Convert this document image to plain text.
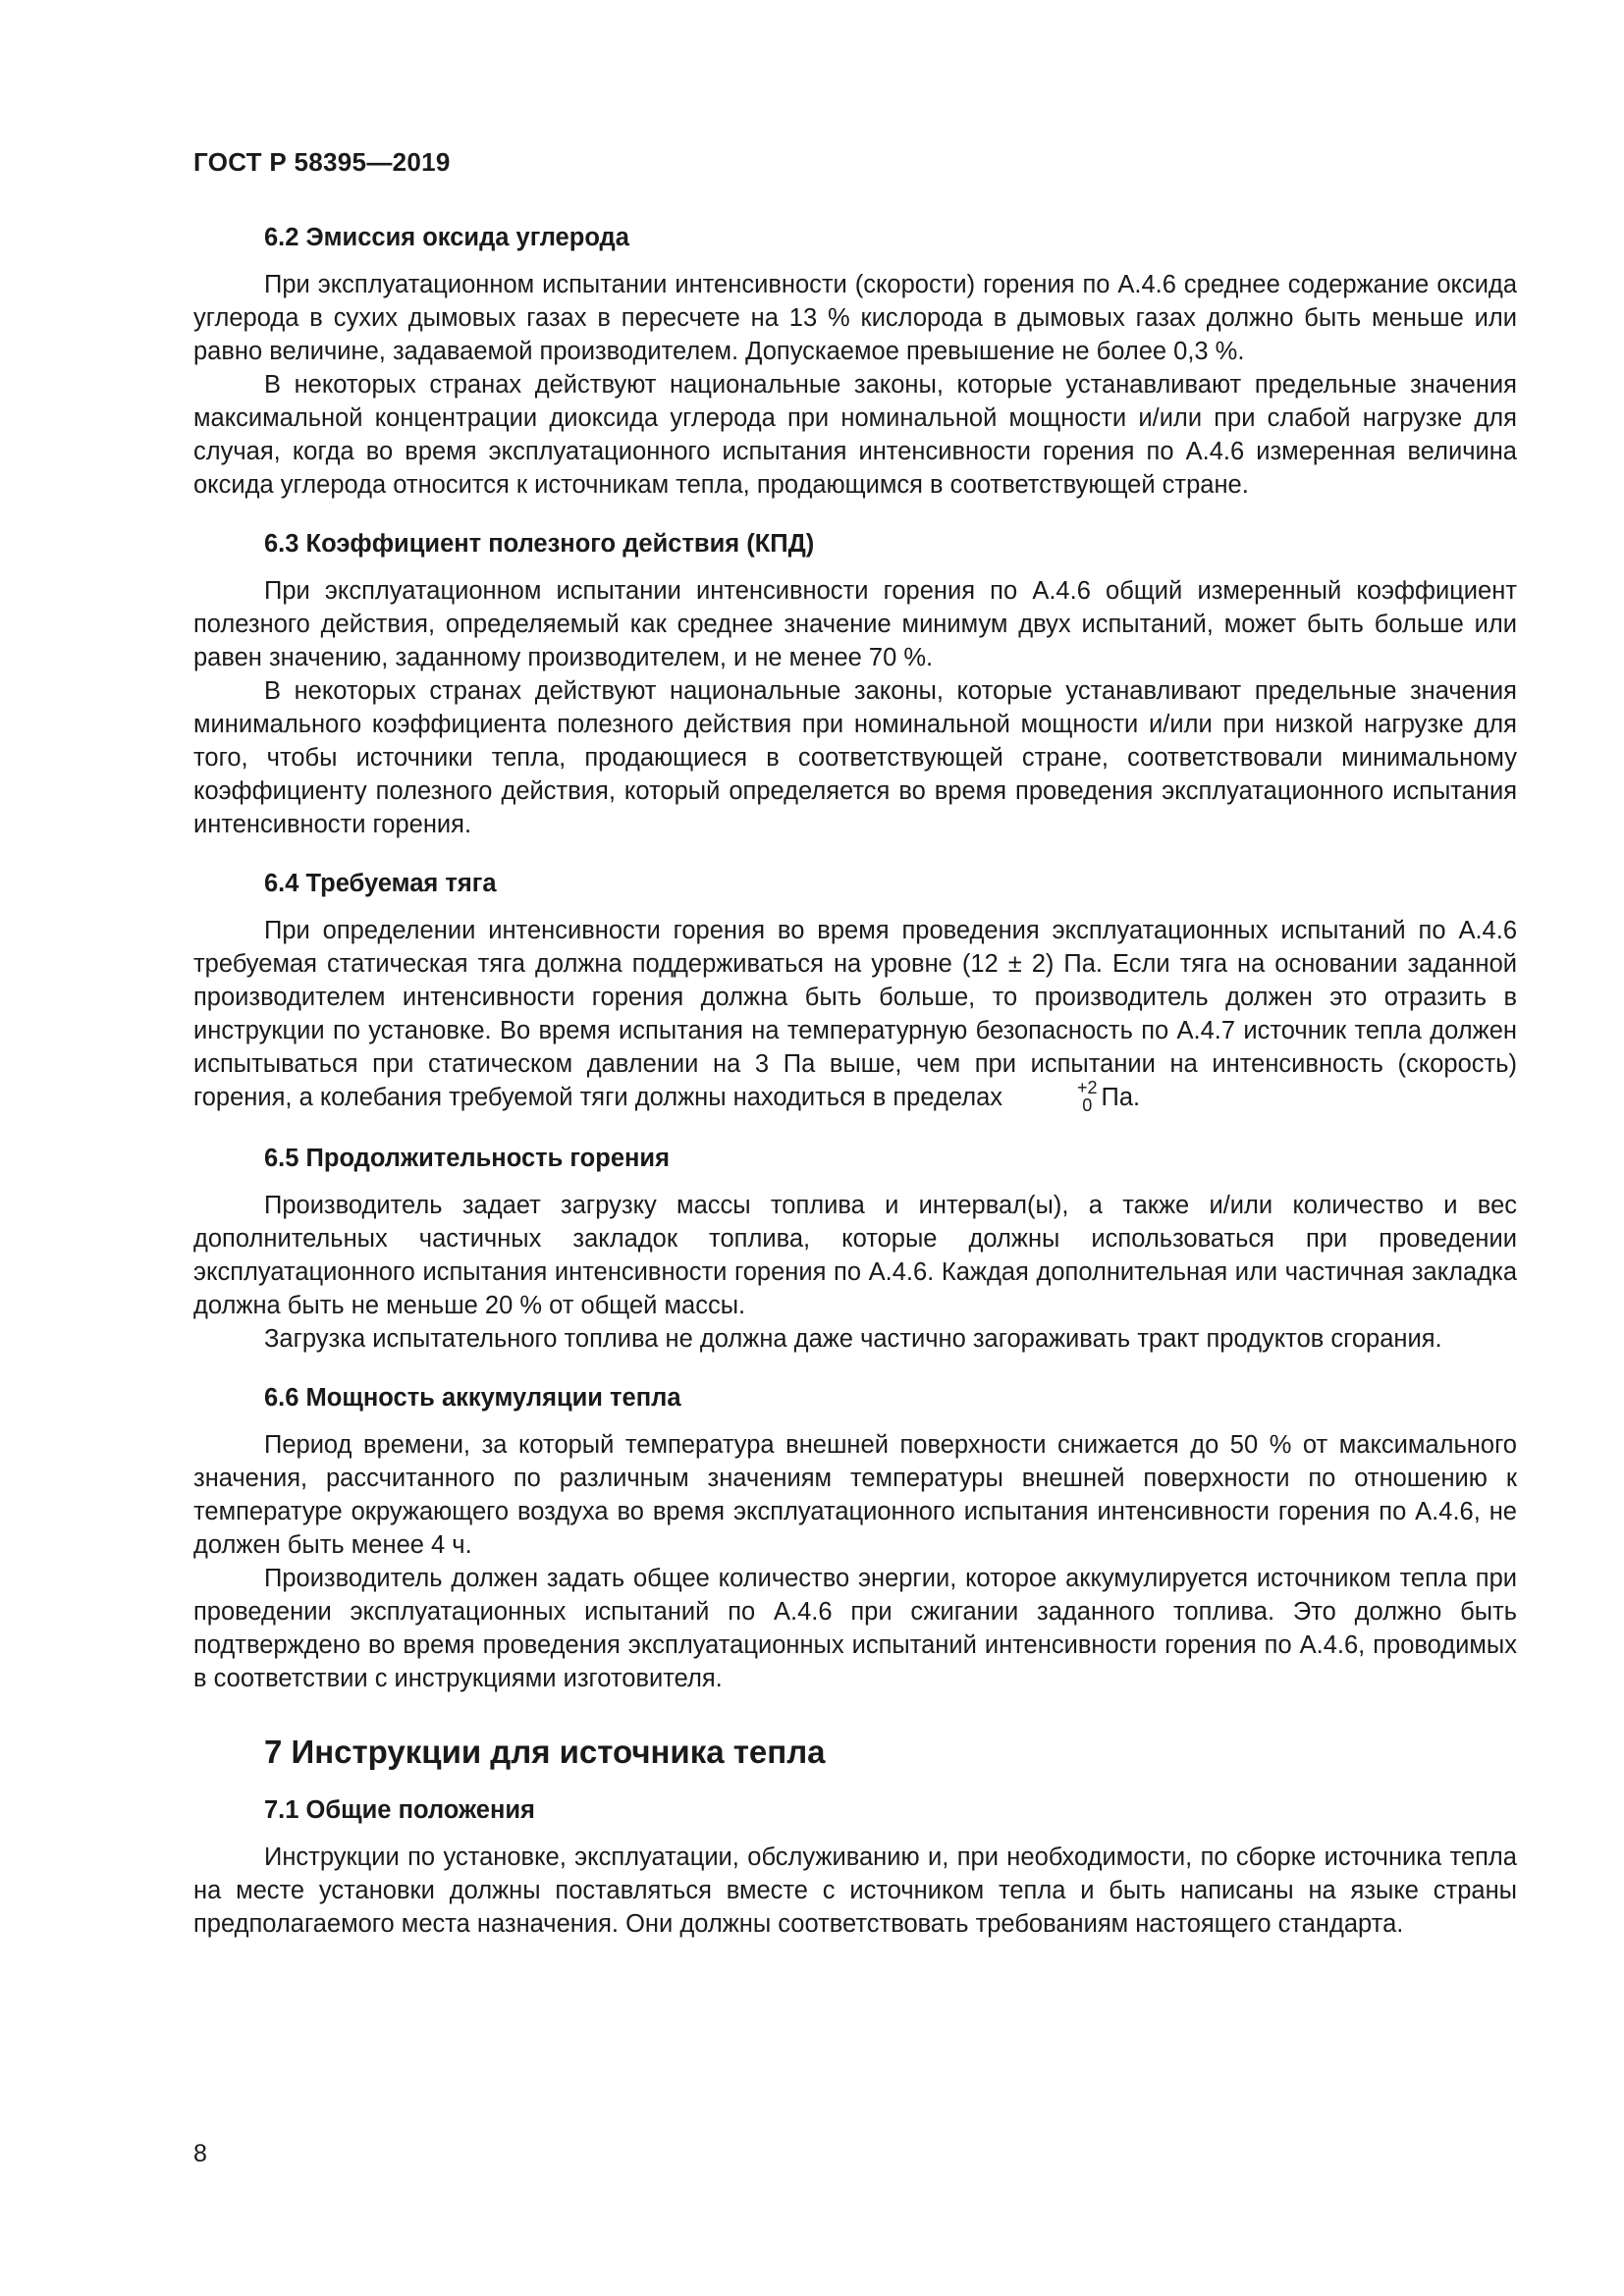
ГОСТ Р 58395—2019
6.2 Эмиссия оксида углерода

При эксплуатационном испытании интенсивности (скорости) горения по А.4.6 среднее содержание оксида углерода в сухих дымовых газах в пересчете на 13 % кислорода в дымовых газах должно быть меньше или равно величине, задаваемой производителем. Допускаемое превышение не более 0,3 %.

В некоторых странах действуют национальные законы, которые устанавливают предельные значения максимальной концентрации диоксида углерода при номинальной мощности и/или при слабой нагрузке для случая, когда во время эксплуатационного испытания интенсивности горения по А.4.6 измеренная величина оксида углерода относится к источникам тепла, продающимся в соответствующей стране.

6.3 Коэффициент полезного действия (КПД)

При эксплуатационном испытании интенсивности горения по А.4.6 общий измеренный коэффициент полезного действия, определяемый как среднее значение минимум двух испытаний, может быть больше или равен значению, заданному производителем, и не менее 70 %.

В некоторых странах действуют национальные законы, которые устанавливают предельные значения минимального коэффициента полезного действия при номинальной мощности и/или при низкой нагрузке для того, чтобы источники тепла, продающиеся в соответствующей стране, соответствовали минимальному коэффициенту полезного действия, который определяется во время проведения эксплуатационного испытания интенсивности горения.

6.4 Требуемая тяга

При определении интенсивности горения во время проведения эксплуатационных испытаний по А.4.6 требуемая статическая тяга должна поддерживаться на уровне (12 ± 2) Па. Если тяга на основании заданной производителем интенсивности горения должна быть больше, то производитель должен это отразить в инструкции по установке. Во время испытания на температурную безопасность по А.4.7 источник тепла должен испытываться при статическом давлении на 3 Па выше, чем при испытании на интенсивность (скорость) горения, а колебания требуемой тяги должны находиться в пределах	+2
0 Па.

6.5 Продолжительность горения

Производитель задает загрузку массы топлива и интервал(ы), а также и/или количество и вес дополнительных частичных закладок топлива, которые должны использоваться при проведении эксплуатационного испытания интенсивности горения по А.4.6. Каждая дополнительная или частичная закладка должна быть не меньше 20 % от общей массы.

Загрузка испытательного топлива не должна даже частично загораживать тракт продуктов сгорания.

6.6 Мощность аккумуляции тепла

Период времени, за который температура внешней поверхности снижается до 50 % от максимального значения, рассчитанного по различным значениям температуры внешней поверхности по отношению к температуре окружающего воздуха во время эксплуатационного испытания интенсивности горения по А.4.6, не должен быть менее 4 ч.

Производитель должен задать общее количество энергии, которое аккумулируется источником тепла при проведении эксплуатационных испытаний по А.4.6 при сжигании заданного топлива. Это должно быть подтверждено во время проведения эксплуатационных испытаний интенсивности горения по А.4.6, проводимых в соответствии с инструкциями изготовителя.

7 Инструкции для источника тепла
7.1 Общие положения

Инструкции по установке, эксплуатации, обслуживанию и, при необходимости, по сборке источника тепла на месте установки должны поставляться вместе с источником тепла и быть написаны на языке страны предполагаемого места назначения. Они должны соответствовать требованиям настоящего стандарта.

8
